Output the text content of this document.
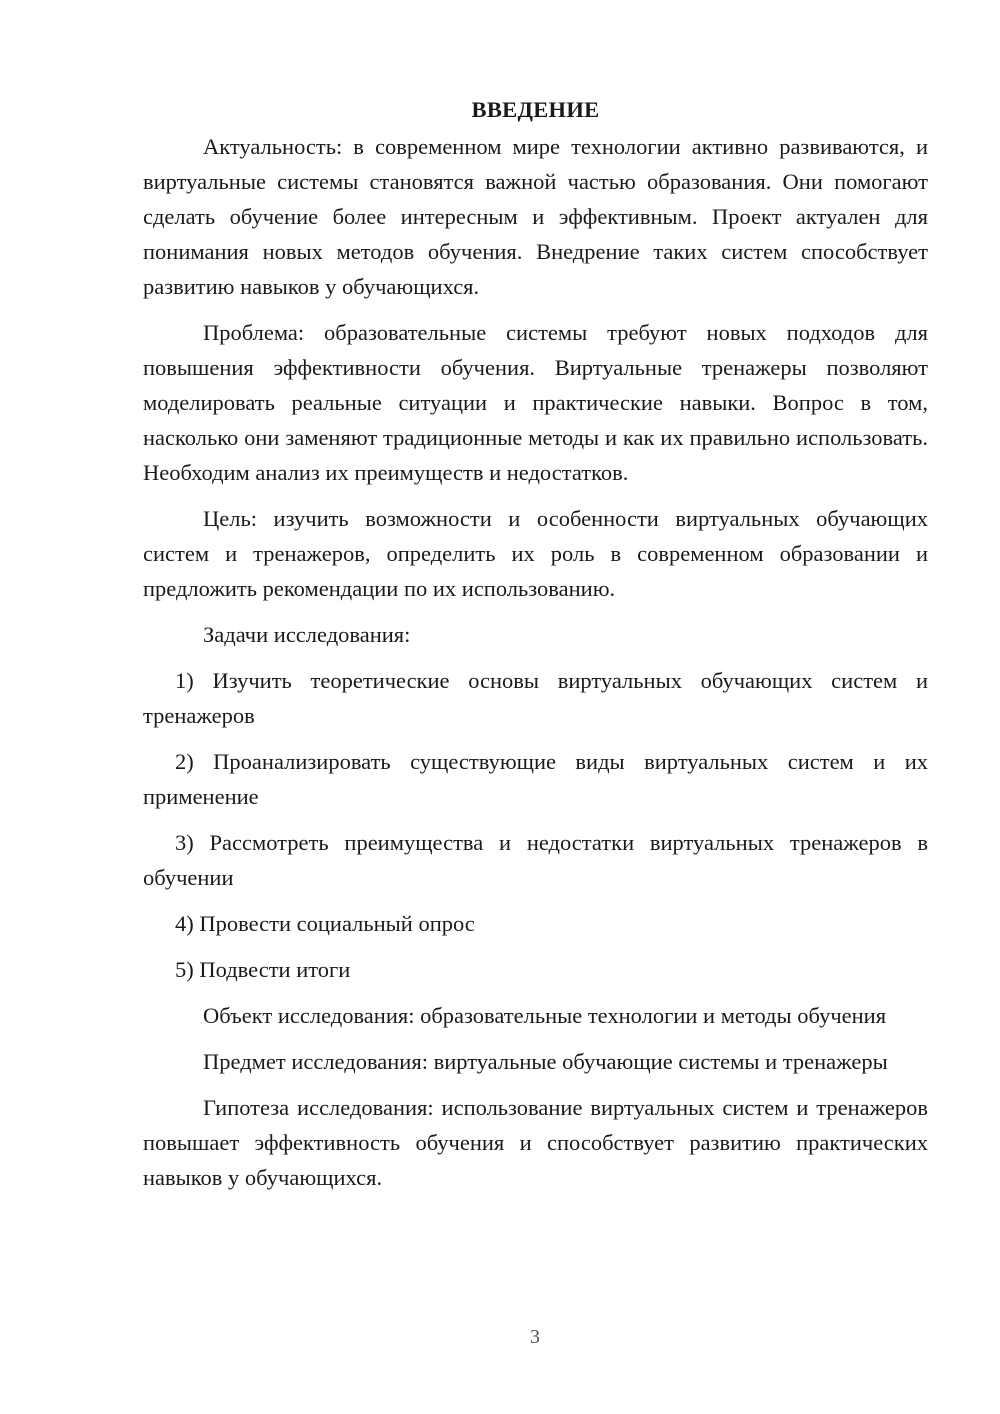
ВВЕДЕНИЕ

Актуальность: в современном мире технологии активно развиваются, и виртуальные системы становятся важной частью образования. Они помогают сделать обучение более интересным и эффективным. Проект актуален для понимания новых методов обучения. Внедрение таких систем способствует развитию навыков у обучающихся.

Проблема: образовательные системы требуют новых подходов для повышения эффективности обучения. Виртуальные тренажеры позволяют моделировать реальные ситуации и практические навыки. Вопрос в том, насколько они заменяют традиционные методы и как их правильно использовать. Необходим анализ их преимуществ и недостатков.

Цель: изучить возможности и особенности виртуальных обучающих систем и тренажеров, определить их роль в современном образовании и предложить рекомендации по их использованию.

Задачи исследования:

1) Изучить теоретические основы виртуальных обучающих систем и тренажеров

2) Проанализировать существующие виды виртуальных систем и их применение

3) Рассмотреть преимущества и недостатки виртуальных тренажеров в обучении

4) Провести социальный опрос

5) Подвести итоги

Объект исследования: образовательные технологии и методы обучения

Предмет исследования: виртуальные обучающие системы и тренажеры

Гипотеза исследования: использование виртуальных систем и тренажеров повышает эффективность обучения и способствует развитию практических навыков у обучающихся.

3
